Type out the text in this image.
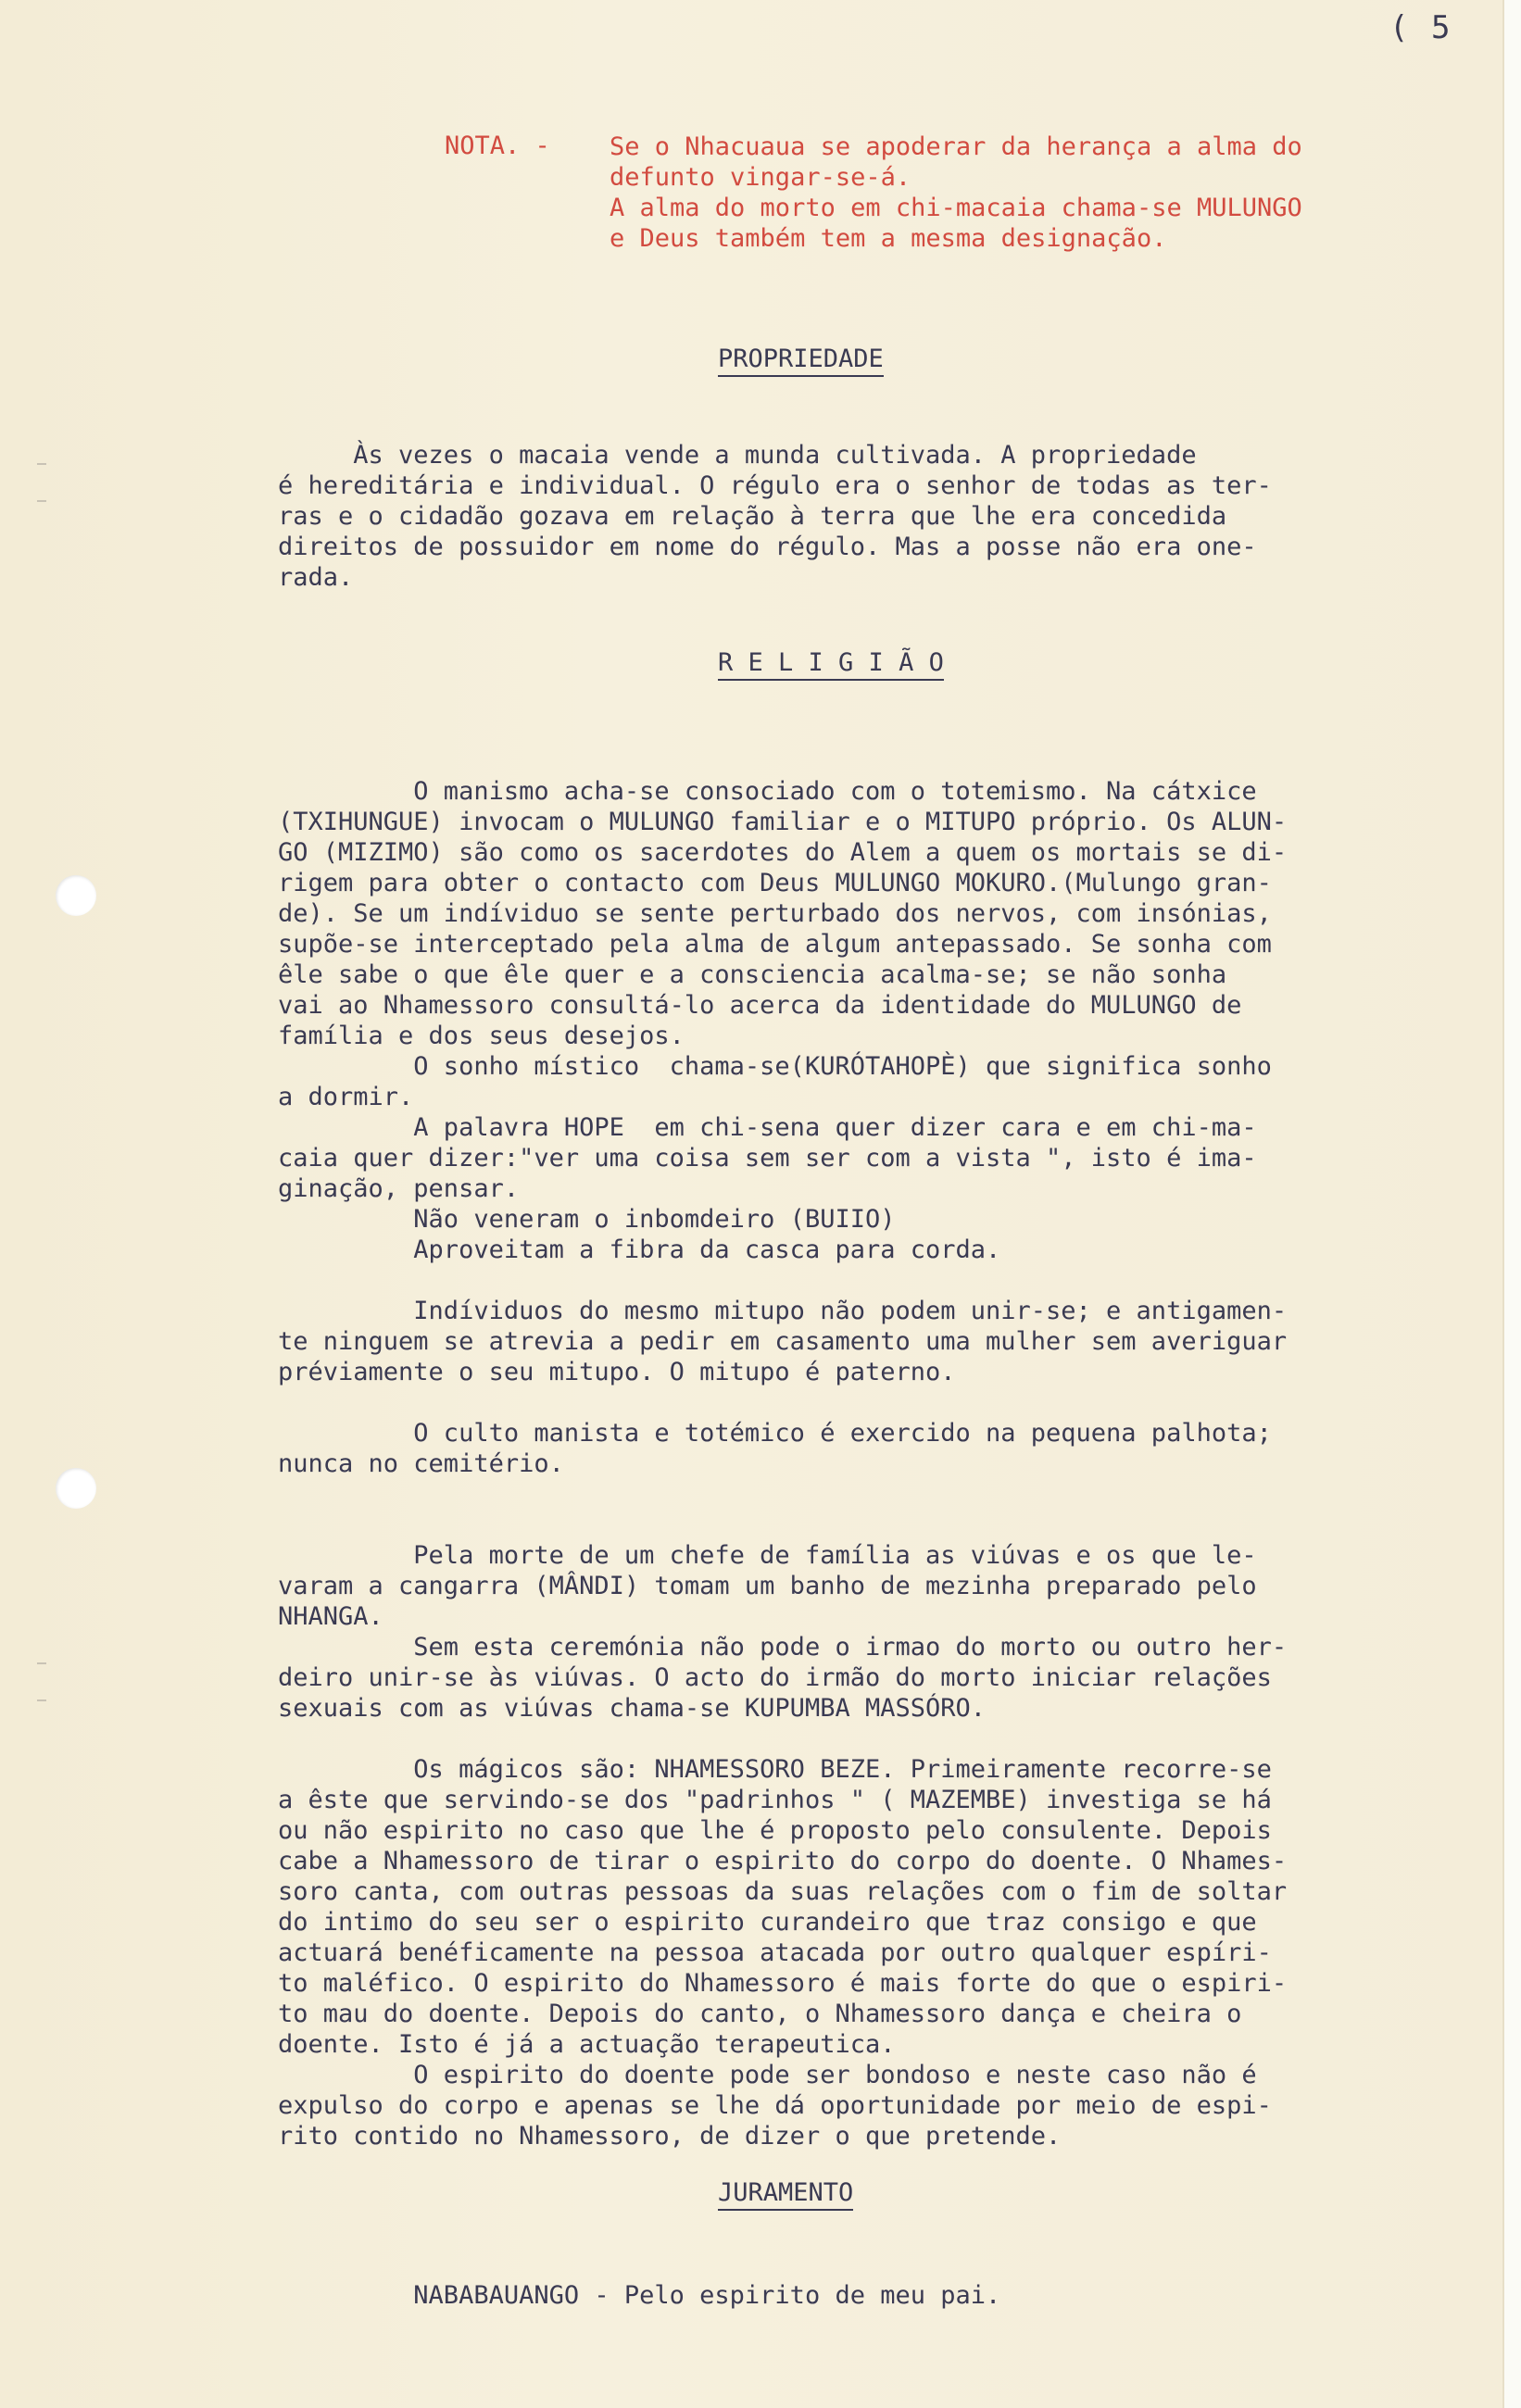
( 5
NOTA. - Se o Nhacuaua se apoderar da herança a alma do
defunto vingar-se-á.
A alma do morto em chi-macaia chama-se MULUNGO
e Deus também tem a mesma designação.
PROPRIEDADE
Às vezes o macaia vende a munda cultivada. A propriedade
é hereditária e individual. O régulo era o senhor de todas as ter-
ras e o cidadão gozava em relação à terra que lhe era concedida
direitos de possuidor em nome do régulo. Mas a posse não era one-
rada.
R E L I G I Ã O
O manismo acha-se consociado com o totemismo. Na cátxice
(TXIHUNGUE) invocam o MULUNGO familiar e o MITUPO próprio. Os ALUN-
GO (MIZIMO) são como os sacerdotes do Alem a quem os mortais se di-
rigem para obter o contacto com Deus MULUNGO MOKURO.(Mulungo gran-
de). Se um indíviduo se sente perturbado dos nervos, com insónias,
supõe-se interceptado pela alma de algum antepassado. Se sonha com
êle sabe o que êle quer e a consciencia acalma-se; se não sonha
vai ao Nhamessoro consultá-lo acerca da identidade do MULUNGO de
família e dos seus desejos.
O sonho místico  chama-se(KURÓTAHOPÈ) que significa sonho
a dormir.
A palavra HOPE  em chi-sena quer dizer cara e em chi-ma-
caia quer dizer:"ver uma coisa sem ser com a vista ", isto é ima-
ginação, pensar.
Não veneram o inbomdeiro (BUIIO)
Aproveitam a fibra da casca para corda.
Indíviduos do mesmo mitupo não podem unir-se; e antigamen-
te ninguem se atrevia a pedir em casamento uma mulher sem averiguar
préviamente o seu mitupo. O mitupo é paterno.
O culto manista e totémico é exercido na pequena palhota;
nunca no cemitério.
Pela morte de um chefe de família as viúvas e os que le-
varam a cangarra (MÂNDI) tomam um banho de mezinha preparado pelo
NHANGA.
Sem esta ceremónia não pode o irmao do morto ou outro her-
deiro unir-se às viúvas. O acto do irmão do morto iniciar relações
sexuais com as viúvas chama-se KUPUMBA MASSÓRO.
Os mágicos são: NHAMESSORO BEZE. Primeiramente recorre-se
a êste que servindo-se dos "padrinhos " ( MAZEMBE) investiga se há
ou não espirito no caso que lhe é proposto pelo consulente. Depois
cabe a Nhamessoro de tirar o espirito do corpo do doente. O Nhames-
soro canta, com outras pessoas da suas relações com o fim de soltar
do intimo do seu ser o espirito curandeiro que traz consigo e que
actuará benéficamente na pessoa atacada por outro qualquer espíri-
to maléfico. O espirito do Nhamessoro é mais forte do que o espiri-
to mau do doente. Depois do canto, o Nhamessoro dança e cheira o
doente. Isto é já a actuação terapeutica.
O espirito do doente pode ser bondoso e neste caso não é
expulso do corpo e apenas se lhe dá oportunidade por meio de espi-
rito contido no Nhamessoro, de dizer o que pretende.
JURAMENTO
NABABAUANGO - Pelo espirito de meu pai.
